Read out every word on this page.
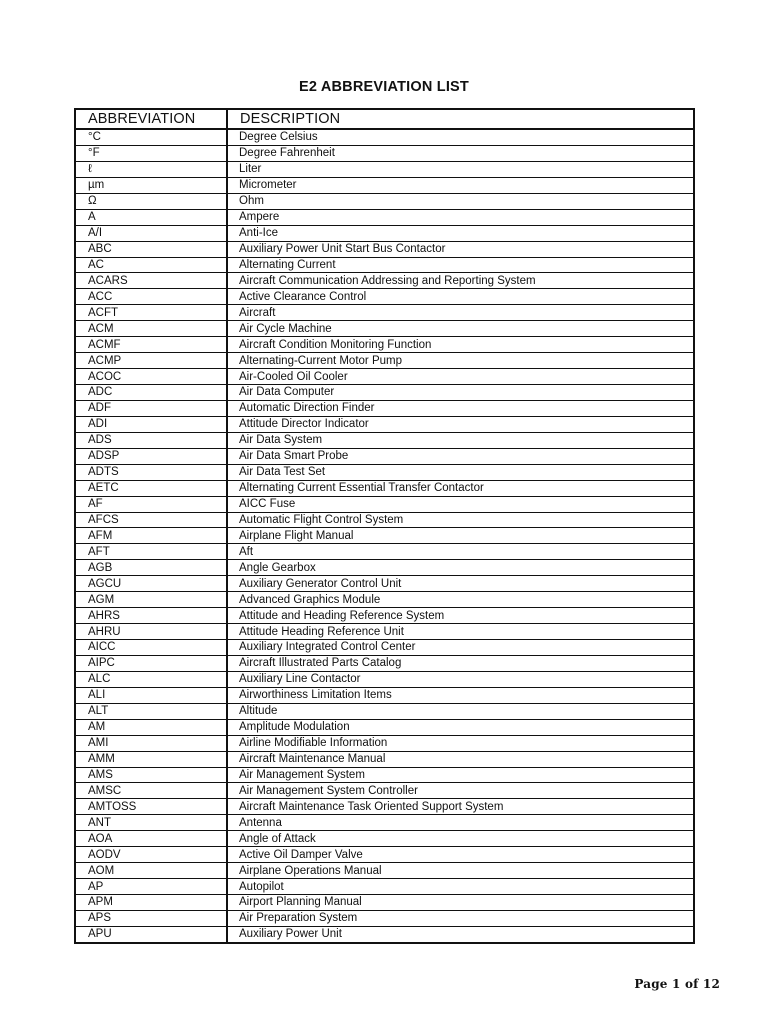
E2 ABBREVIATION LIST
ABBREVIATION	DESCRIPTION
°C	Degree Celsius
°F	Degree Fahrenheit
ℓ	Liter
µm	Micrometer
Ω	Ohm
A	Ampere
A/I	Anti-Ice
ABC	Auxiliary Power Unit Start Bus Contactor
AC	Alternating Current
ACARS	Aircraft Communication Addressing and Reporting System
ACC	Active Clearance Control
ACFT	Aircraft
ACM	Air Cycle Machine
ACMF	Aircraft Condition Monitoring Function
ACMP	Alternating-Current Motor Pump
ACOC	Air-Cooled Oil Cooler
ADC	Air Data Computer
ADF	Automatic Direction Finder
ADI	Attitude Director Indicator
ADS	Air Data System
ADSP	Air Data Smart Probe
ADTS	Air Data Test Set
AETC	Alternating Current Essential Transfer Contactor
AF	AICC Fuse
AFCS	Automatic Flight Control System
AFM	Airplane Flight Manual
AFT	Aft
AGB	Angle Gearbox
AGCU	Auxiliary Generator Control Unit
AGM	Advanced Graphics Module
AHRS	Attitude and Heading Reference System
AHRU	Attitude Heading Reference Unit
AICC	Auxiliary Integrated Control Center
AIPC	Aircraft Illustrated Parts Catalog
ALC	Auxiliary Line Contactor
ALI	Airworthiness Limitation Items
ALT	Altitude
AM	Amplitude Modulation
AMI	Airline Modifiable Information
AMM	Aircraft Maintenance Manual
AMS	Air Management System
AMSC	Air Management System Controller
AMTOSS	Aircraft Maintenance Task Oriented Support System
ANT	Antenna
AOA	Angle of Attack
AODV	Active Oil Damper Valve
AOM	Airplane Operations Manual
AP	Autopilot
APM	Airport Planning Manual
APS	Air Preparation System
APU	Auxiliary Power Unit
Page 1 of 12
